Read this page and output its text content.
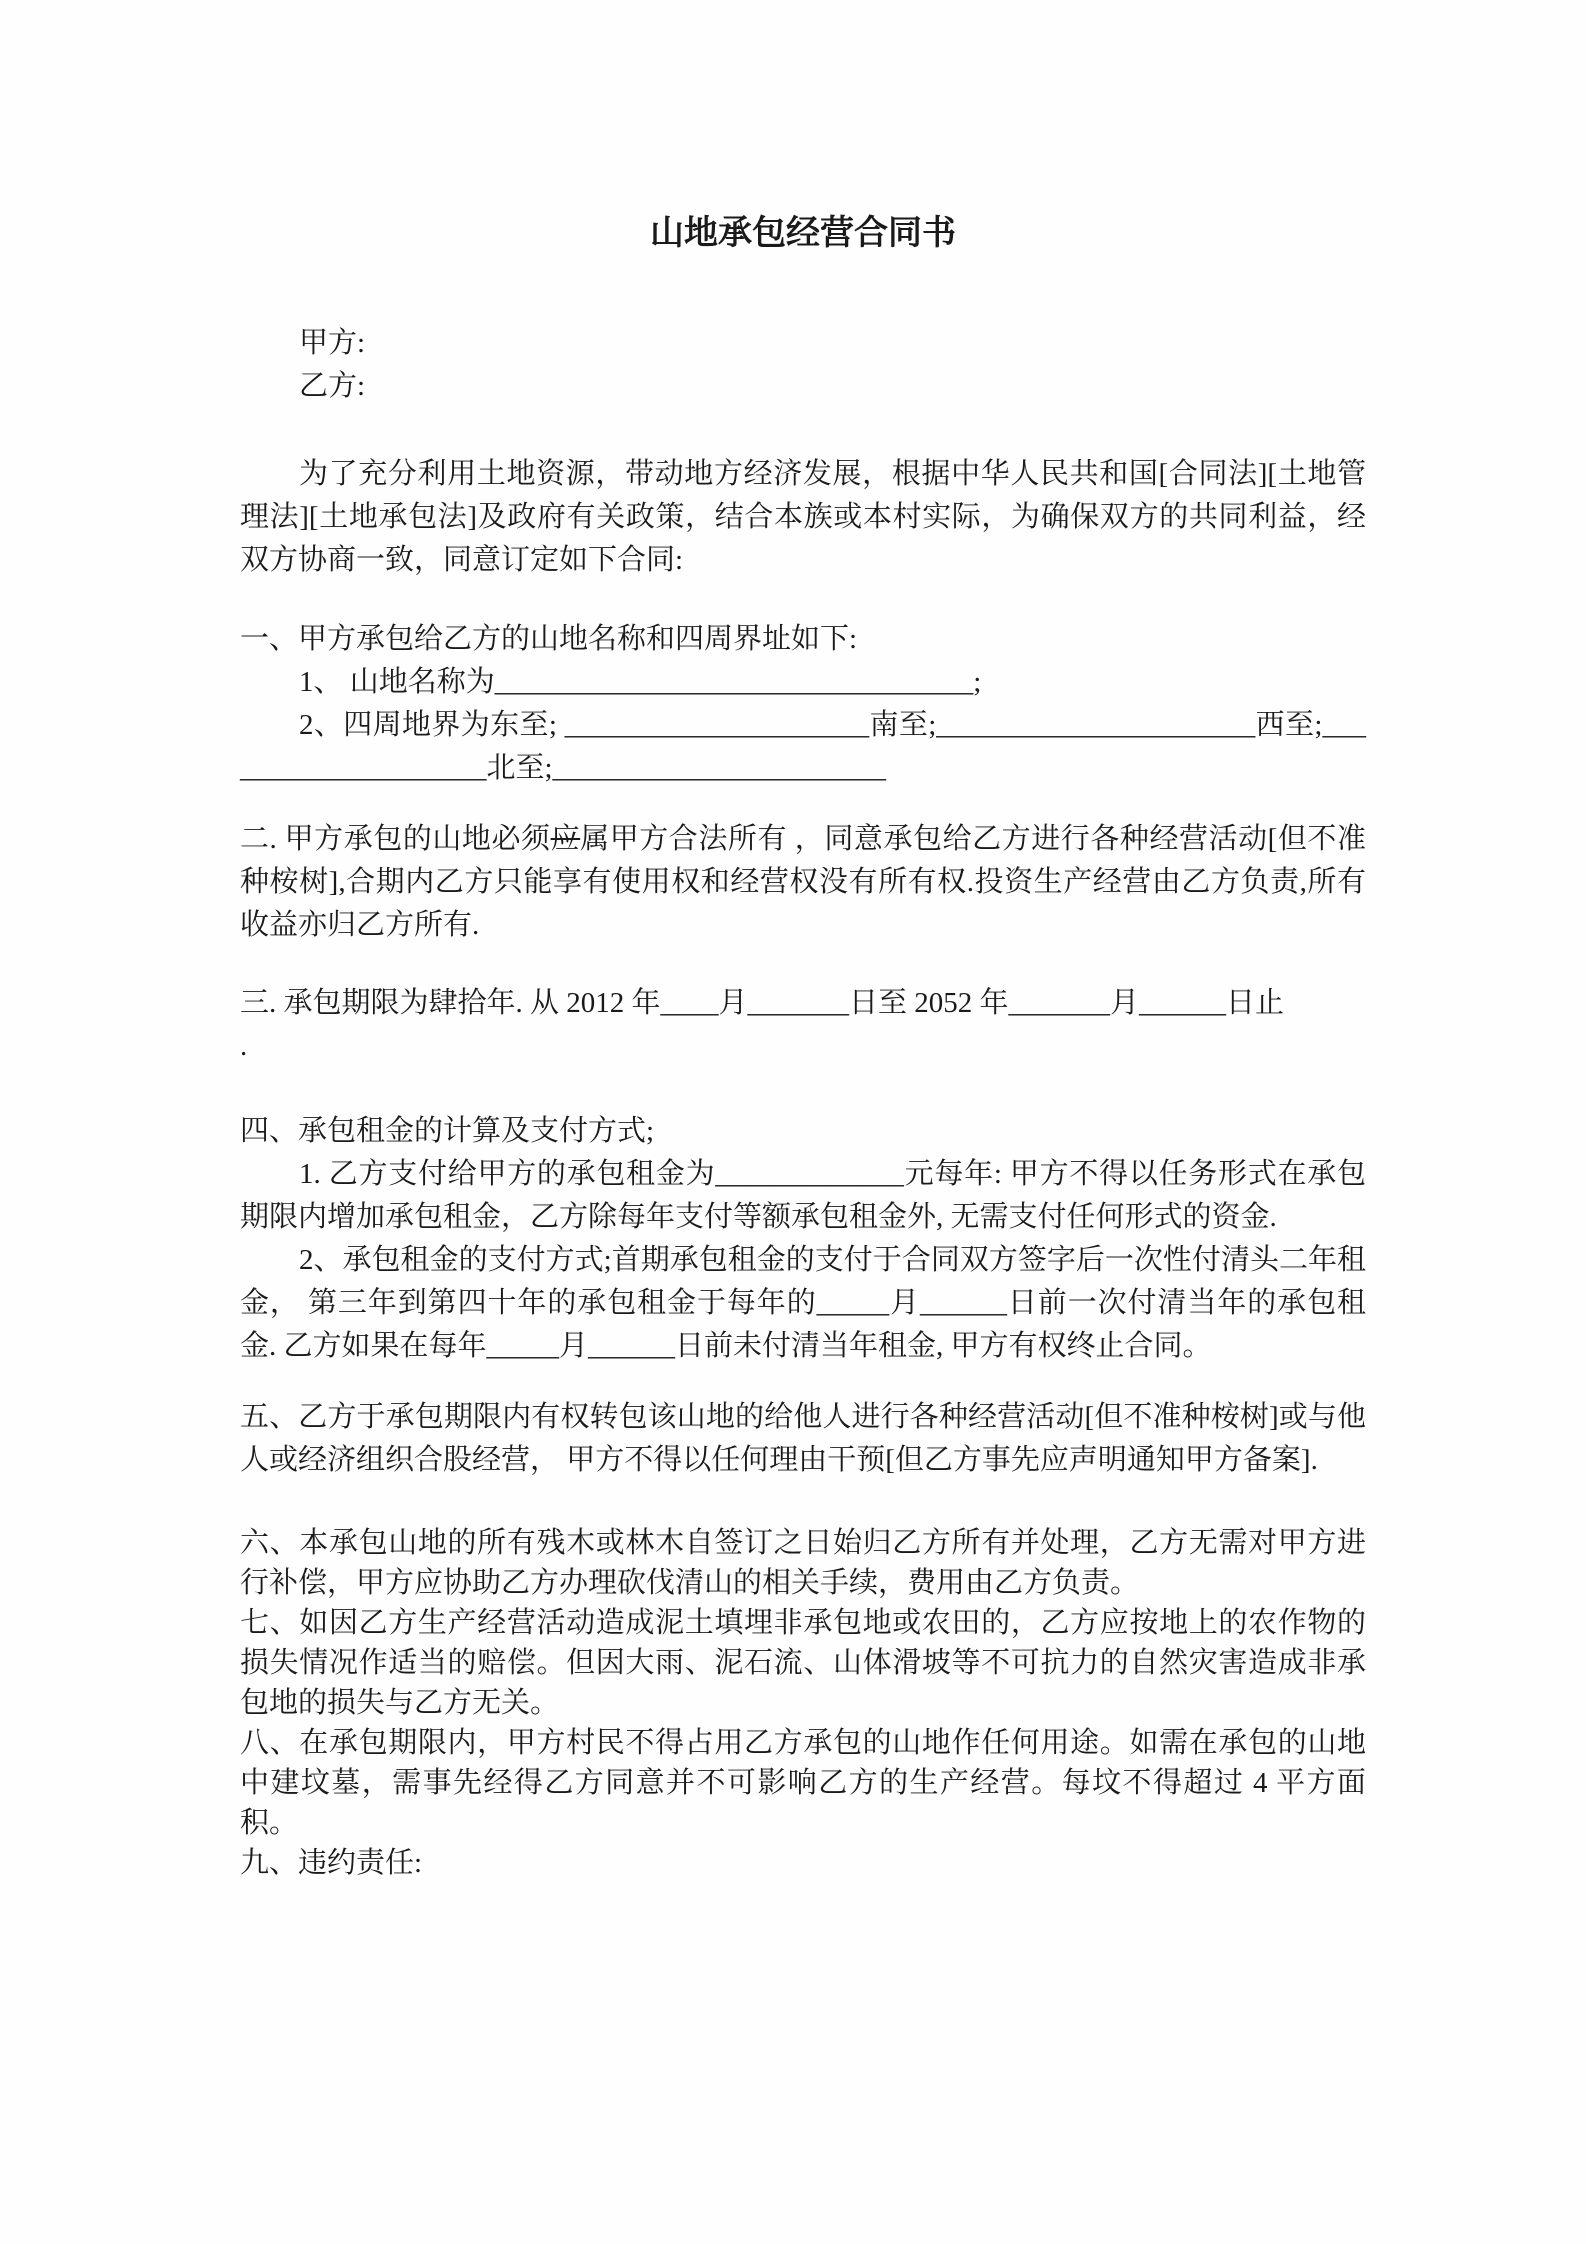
山地承包经营合同书

甲方:

乙方:

为了充分利用土地资源，带动地方经济发展，根据中华人民共和国[合同法][土地管理法][土地承包法]及政府有关政策，结合本族或本村实际，为确保双方的共同利益，经双方协商一致，同意订定如下合同:

一、甲方承包给乙方的山地名称和四周界址如下:

1、 山地名称为_________________________________;

2、四周地界为东至; _____________________南至;______________________西至;____________________北至;_______________________

二. 甲方承包的山地必须应属甲方合法所有 ，同意承包给乙方进行各种经营活动[但不准种桉树],合期内乙方只能享有使用权和经营权没有所有权.投资生产经营由乙方负责,所有收益亦归乙方所有.

三. 承包期限为肆拾年. 从 2012 年____月_______日至 2052 年_______月______日止

.

四、承包租金的计算及支付方式;

1. 乙方支付给甲方的承包租金为_____________元每年: 甲方不得以任务形式在承包期限内增加承包租金，乙方除每年支付等额承包租金外, 无需支付任何形式的资金.

2、承包租金的支付方式;首期承包租金的支付于合同双方签字后一次性付清头二年租金， 第三年到第四十年的承包租金于每年的_____月______日前一次付清当年的承包租金. 乙方如果在每年_____月______日前未付清当年租金, 甲方有权终止合同。

五、乙方于承包期限内有权转包该山地的给他人进行各种经营活动[但不准种桉树]或与他人或经济组织合股经营， 甲方不得以任何理由干预[但乙方事先应声明通知甲方备案].

六、本承包山地的所有残木或林木自签订之日始归乙方所有并处理，乙方无需对甲方进行补偿，甲方应协助乙方办理砍伐清山的相关手续，费用由乙方负责。

七、如因乙方生产经营活动造成泥土填埋非承包地或农田的，乙方应按地上的农作物的损失情况作适当的赔偿。但因大雨、泥石流、山体滑坡等不可抗力的自然灾害造成非承包地的损失与乙方无关。

八、在承包期限内，甲方村民不得占用乙方承包的山地作任何用途。如需在承包的山地中建坟墓，需事先经得乙方同意并不可影响乙方的生产经营。每坟不得超过 4 平方面积。

九、违约责任:
